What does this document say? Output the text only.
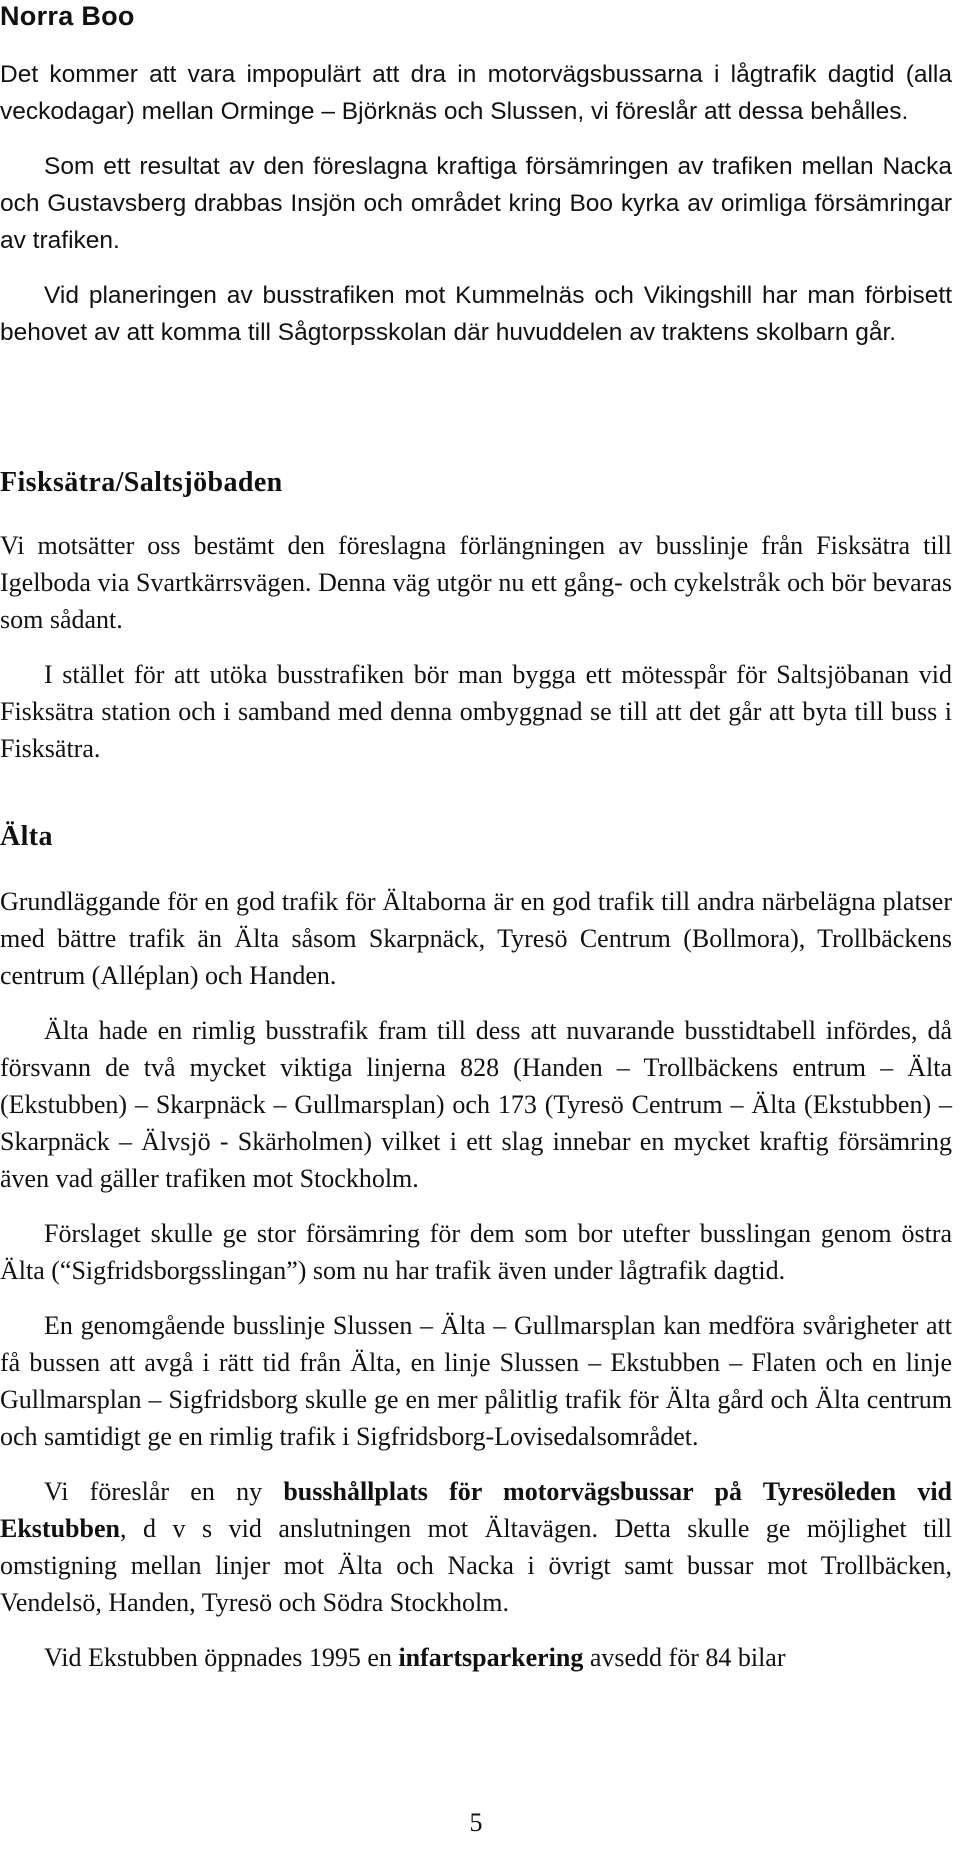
Norra Boo

Det kommer att vara impopulärt att dra in motorvägsbussarna i lågtrafik dagtid (alla veckodagar) mellan Orminge – Björknäs och Slussen, vi föreslår att dessa behålles.

Som ett resultat av den föreslagna kraftiga försämringen av trafiken mellan Nacka och Gustavsberg drabbas Insjön och området kring Boo kyrka av orimliga försämringar av trafiken.

Vid planeringen av busstrafiken mot Kummelnäs och Vikingshill har man förbisett behovet av att komma till Sågtorpsskolan där huvuddelen av traktens skolbarn går.

Fisksätra/Saltsjöbaden

Vi motsätter oss bestämt den föreslagna förlängningen av busslinje från Fisksätra till Igelboda via Svartkärrsvägen. Denna väg utgör nu ett gång- och cykelstråk och bör bevaras som sådant.

I stället för att utöka busstrafiken bör man bygga ett mötesspår för Saltsjöbanan vid Fisksätra station och i samband med denna ombyggnad se till att det går att byta till buss i Fisksätra.

Älta

Grundläggande för en god trafik för Ältaborna är en god trafik till andra närbelägna platser med bättre trafik än Älta såsom Skarpnäck, Tyresö Centrum (Bollmora), Trollbäckens centrum (Alléplan) och Handen.

Älta hade en rimlig busstrafik fram till dess att nuvarande busstidtabell infördes, då försvann de två mycket viktiga linjerna 828 (Handen – Trollbäckens entrum – Älta (Ekstubben) – Skarpnäck – Gullmarsplan) och 173 (Tyresö Centrum – Älta (Ekstubben) – Skarpnäck – Älvsjö - Skärholmen) vilket i ett slag innebar en mycket kraftig försämring även vad gäller trafiken mot Stockholm.

Förslaget skulle ge stor försämring för dem som bor utefter busslingan genom östra Älta (“Sigfridsborgsslingan”) som nu har trafik även under lågtrafik dagtid.

En genomgående busslinje Slussen – Älta – Gullmarsplan kan medföra svårigheter att få bussen att avgå i rätt tid från Älta, en linje Slussen – Ekstubben – Flaten och en linje Gullmarsplan – Sigfridsborg skulle ge en mer pålitlig trafik för Älta gård och Älta centrum och samtidigt ge en rimlig trafik i Sigfridsborg-Lovisedalsområdet.

Vi föreslår en ny busshållplats för motorvägsbussar på Tyresöleden vid Ekstubben, d v s vid anslutningen mot Ältavägen. Detta skulle ge möjlighet till omstigning mellan linjer mot Älta och Nacka i övrigt samt bussar mot Trollbäcken, Vendelsö, Handen, Tyresö och Södra Stockholm.

Vid Ekstubben öppnades 1995 en infartsparkering avsedd för 84 bilar

5
